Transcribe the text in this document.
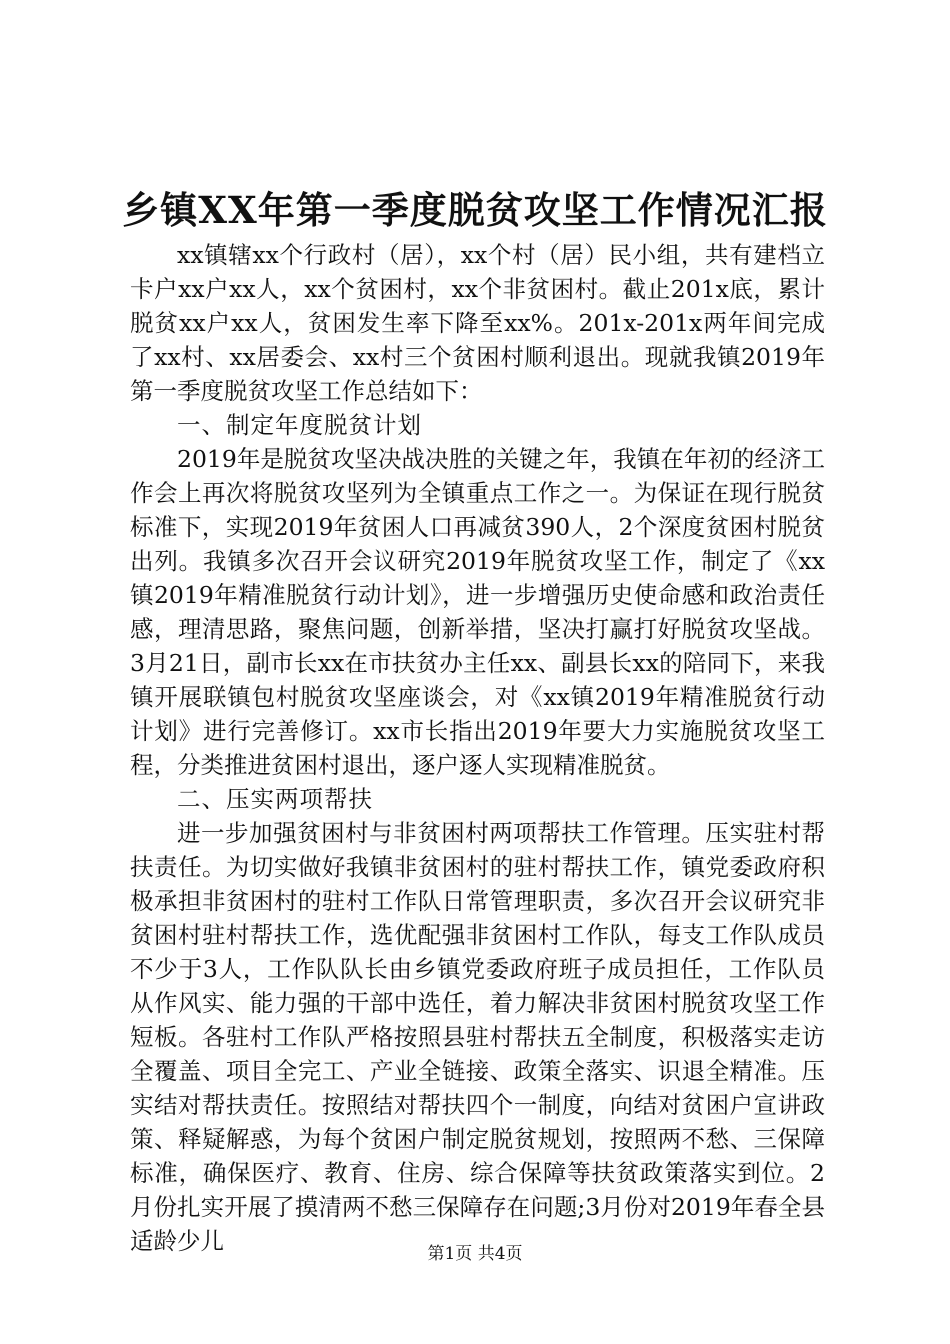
乡镇XX年第一季度脱贫攻坚工作情况汇报

xx镇辖xx个行政村（居），xx个村（居）民小组，共有建档立卡户xx户xx人，xx个贫困村，xx个非贫困村。截止201x底，累计脱贫xx户xx人，贫困发生率下降至xx%。201x-201x两年间完成了xx村、xx居委会、xx村三个贫困村顺利退出。现就我镇2019年第一季度脱贫攻坚工作总结如下：

一、制定年度脱贫计划

2019年是脱贫攻坚决战决胜的关键之年，我镇在年初的经济工作会上再次将脱贫攻坚列为全镇重点工作之一。为保证在现行脱贫标准下，实现2019年贫困人口再减贫390人，2个深度贫困村脱贫出列。我镇多次召开会议研究2019年脱贫攻坚工作，制定了《xx镇2019年精准脱贫行动计划》，进一步增强历史使命感和政治责任感，理清思路，聚焦问题，创新举措，坚决打赢打好脱贫攻坚战。3月21日，副市长xx在市扶贫办主任xx、副县长xx的陪同下，来我镇开展联镇包村脱贫攻坚座谈会，对《xx镇2019年精准脱贫行动计划》进行完善修订。xx市长指出2019年要大力实施脱贫攻坚工程，分类推进贫困村退出，逐户逐人实现精准脱贫。

二、压实两项帮扶

进一步加强贫困村与非贫困村两项帮扶工作管理。压实驻村帮扶责任。为切实做好我镇非贫困村的驻村帮扶工作，镇党委政府积极承担非贫困村的驻村工作队日常管理职责，多次召开会议研究非贫困村驻村帮扶工作，选优配强非贫困村工作队，每支工作队成员不少于3人，工作队队长由乡镇党委政府班子成员担任，工作队员从作风实、能力强的干部中选任，着力解决非贫困村脱贫攻坚工作短板。各驻村工作队严格按照县驻村帮扶五全制度，积极落实走访全覆盖、项目全完工、产业全链接、政策全落实、识退全精准。压实结对帮扶责任。按照结对帮扶四个一制度，向结对贫困户宣讲政策、释疑解惑，为每个贫困户制定脱贫规划，按照两不愁、三保障标准，确保医疗、教育、住房、综合保障等扶贫政策落实到位。2月份扎实开展了摸清两不愁三保障存在问题;3月份对2019年春全县适龄少儿	第1页 共4页
